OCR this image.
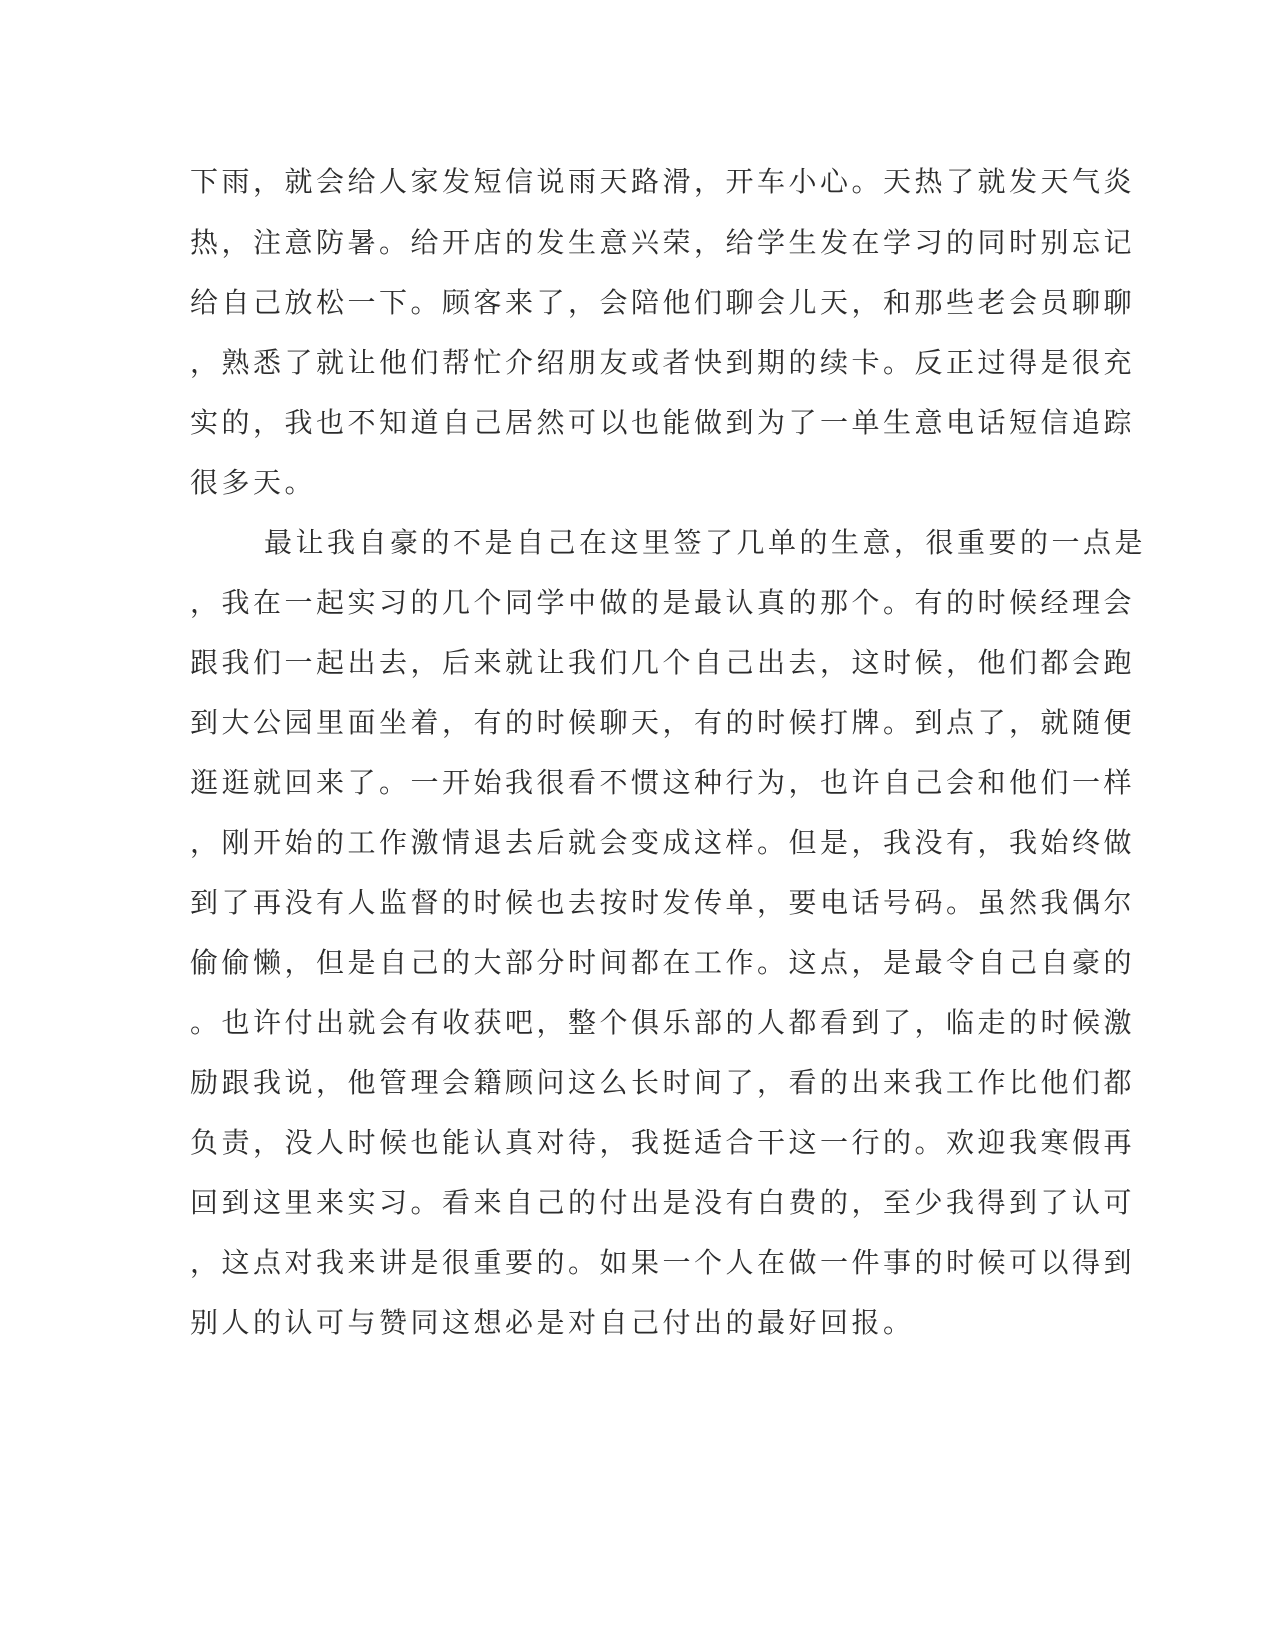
下雨，就会给人家发短信说雨天路滑，开车小心。天热了就发天气炎
热，注意防暑。给开店的发生意兴荣，给学生发在学习的同时别忘记
给自己放松一下。顾客来了，会陪他们聊会儿天，和那些老会员聊聊
，熟悉了就让他们帮忙介绍朋友或者快到期的续卡。反正过得是很充
实的，我也不知道自己居然可以也能做到为了一单生意电话短信追踪
很多天。
最让我自豪的不是自己在这里签了几单的生意，很重要的一点是
，我在一起实习的几个同学中做的是最认真的那个。有的时候经理会
跟我们一起出去，后来就让我们几个自己出去，这时候，他们都会跑
到大公园里面坐着，有的时候聊天，有的时候打牌。到点了，就随便
逛逛就回来了。一开始我很看不惯这种行为，也许自己会和他们一样
，刚开始的工作激情退去后就会变成这样。但是，我没有，我始终做
到了再没有人监督的时候也去按时发传单，要电话号码。虽然我偶尔
偷偷懒，但是自己的大部分时间都在工作。这点，是最令自己自豪的
。也许付出就会有收获吧，整个俱乐部的人都看到了，临走的时候激
励跟我说，他管理会籍顾问这么长时间了，看的出来我工作比他们都
负责，没人时候也能认真对待，我挺适合干这一行的。欢迎我寒假再
回到这里来实习。看来自己的付出是没有白费的，至少我得到了认可
，这点对我来讲是很重要的。如果一个人在做一件事的时候可以得到
别人的认可与赞同这想必是对自己付出的最好回报。
